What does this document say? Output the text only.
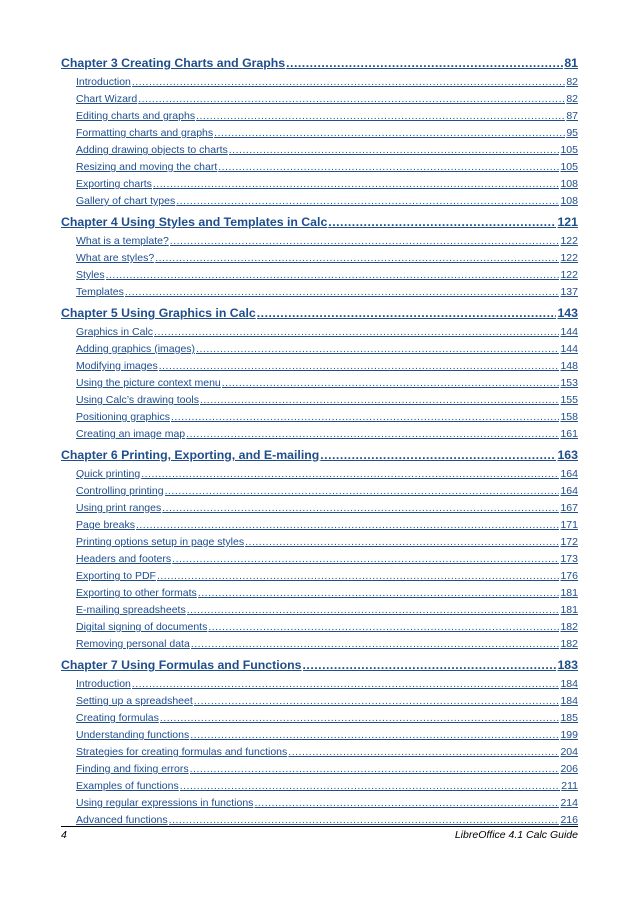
Chapter 3 Creating Charts and Graphs .....	81
Introduction .....	82
Chart Wizard .....	82
Editing charts and graphs .....	87
Formatting charts and graphs .....	95
Adding drawing objects to charts .....	105
Resizing and moving the chart .....	105
Exporting charts .....	108
Gallery of chart types .....	108
Chapter 4 Using Styles and Templates in Calc .....	121
What is a template? .....	122
What are styles? .....	122
Styles .....	122
Templates .....	137
Chapter 5 Using Graphics in Calc .....	143
Graphics in Calc .....	144
Adding graphics (images) .....	144
Modifying images .....	148
Using the picture context menu .....	153
Using Calc’s drawing tools .....	155
Positioning graphics .....	158
Creating an image map .....	161
Chapter 6 Printing, Exporting, and E-mailing .....	163
Quick printing .....	164
Controlling printing .....	164
Using print ranges .....	167
Page breaks .....	171
Printing options setup in page styles .....	172
Headers and footers .....	173
Exporting to PDF .....	176
Exporting to other formats .....	181
E-mailing spreadsheets .....	181
Digital signing of documents .....	182
Removing personal data .....	182
Chapter 7 Using Formulas and Functions .....	183
Introduction .....	184
Setting up a spreadsheet .....	184
Creating formulas .....	185
Understanding functions .....	199
Strategies for creating formulas and functions .....	204
Finding and fixing errors .....	206
Examples of functions .....	211
Using regular expressions in functions .....	214
Advanced functions .....	216
4	LibreOffice 4.1 Calc Guide
